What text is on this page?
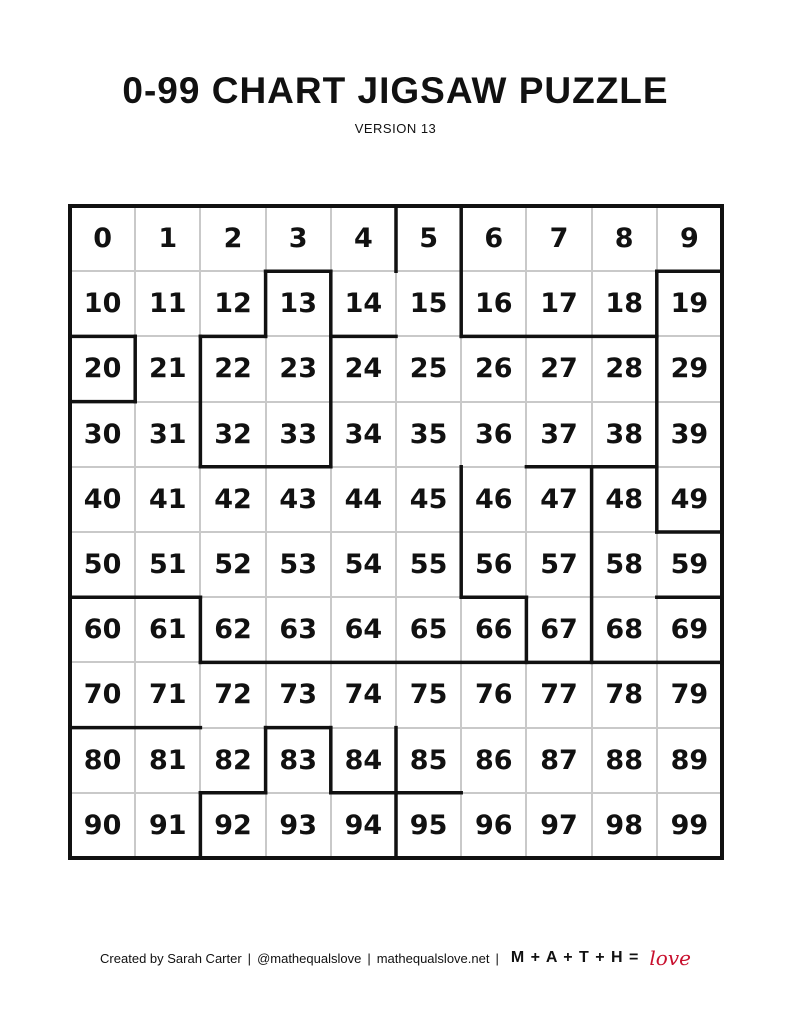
0-99 CHART JIGSAW PUZZLE
VERSION 13
0	1	2	3	4	5	6	7	8	9
10	11	12	13	14	15	16	17	18	19
20	21	22	23	24	25	26	27	28	29
30	31	32	33	34	35	36	37	38	39
40	41	42	43	44	45	46	47	48	49
50	51	52	53	54	55	56	57	58	59
60	61	62	63	64	65	66	67	68	69
70	71	72	73	74	75	76	77	78	79
80	81	82	83	84	85	86	87	88	89
90	91	92	93	94	95	96	97	98	99
Created by Sarah Carter | @mathequalslove | mathequalslove.net | M + A + T + H = love
